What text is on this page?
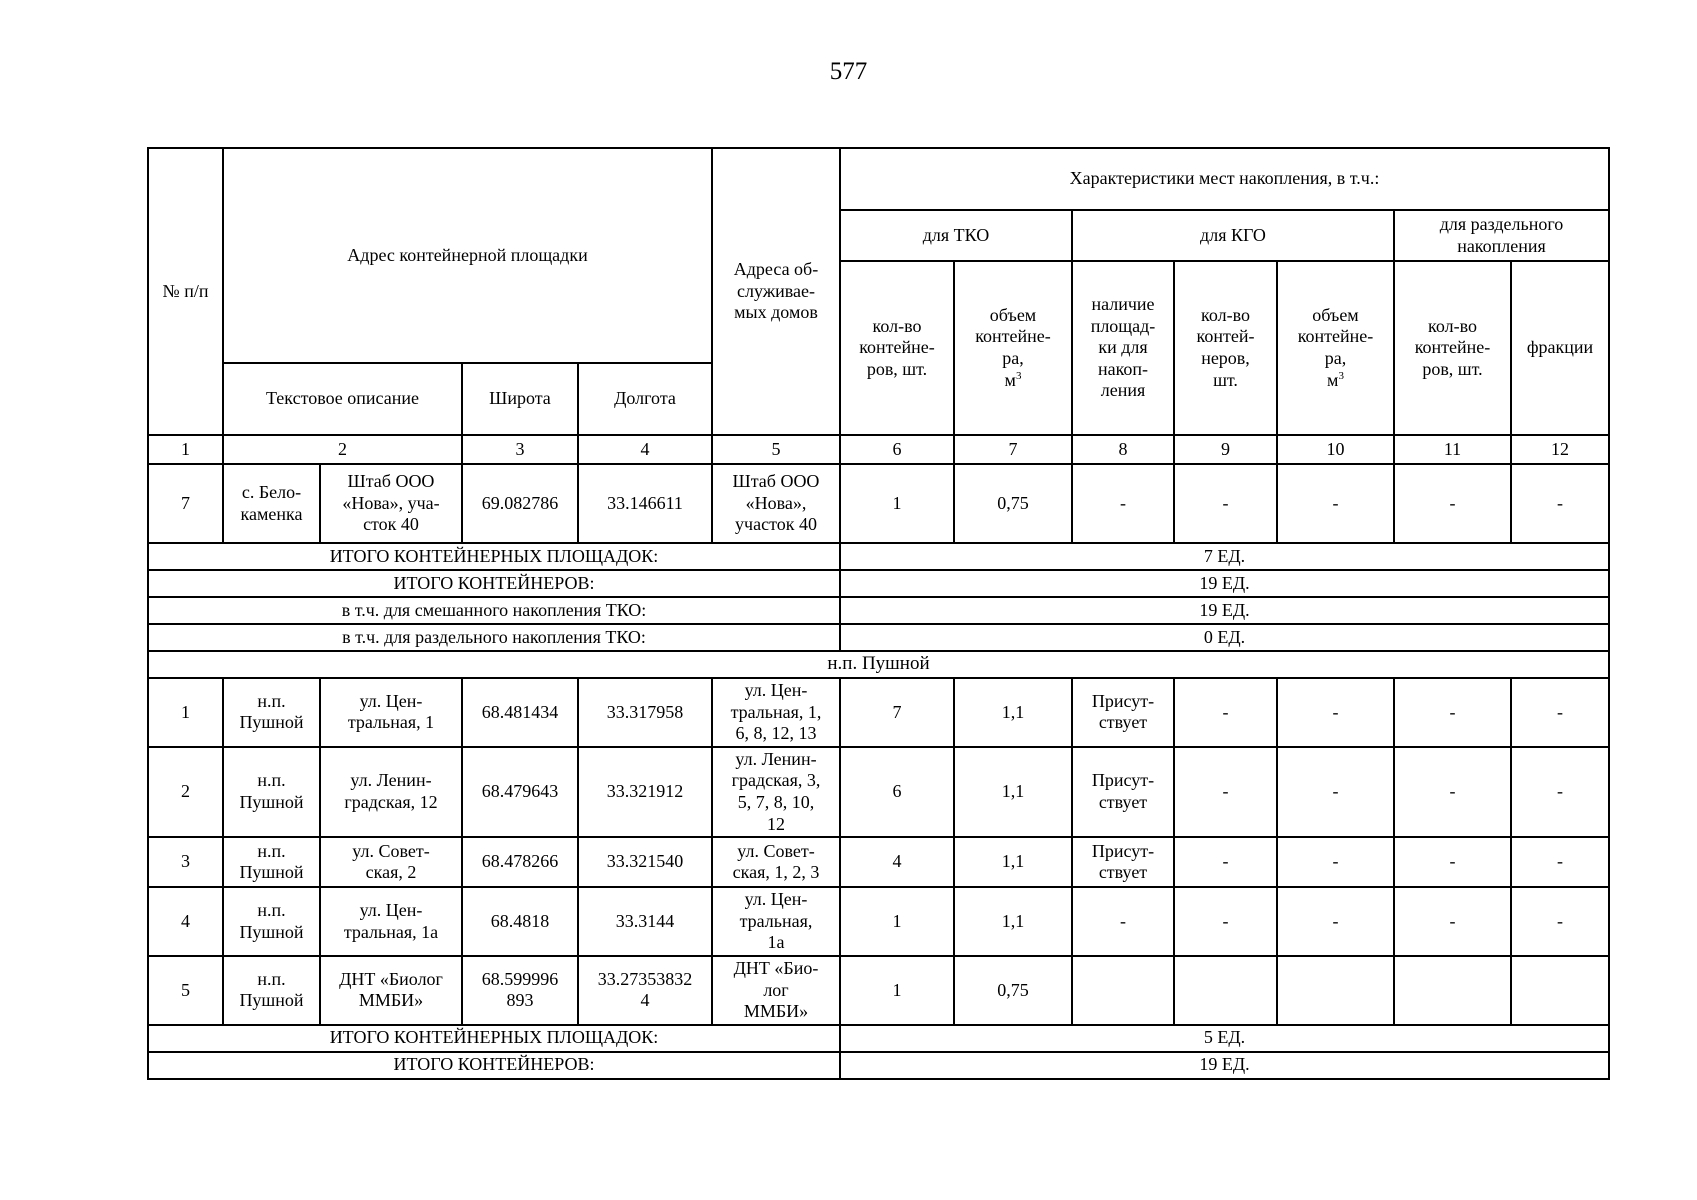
577
№ п/п	Адрес контейнерной площадки				Адреса об-
служивае-
мых домов	Характеристики мест накопления, в т.ч.:						
						для ТКО		для КГО			для раздельного
накопления	

						кол-во
контейне-
ров, шт.	объем
контейне-
ра,
$м^3$	наличие
площад-
ки для
накоп-
ления	кол-во
контей-
неров,
шт.	объем
контейне-
ра,
$м^3$	кол-во
контейне-
ров, шт.	фракции
	Текстовое описание		Широта	Долгота								
1	2		3	4	5	6	7	8	9	10	11	12
7	с. Бело-
каменка	Штаб ООО
«Нова», уча-
сток 40	69.082786	33.146611	Штаб ООО
«Нова»,
участок 40	1	0,75	-	-	-	-	-
ИТОГО КОНТЕЙНЕРНЫХ ПЛОЩАДОК:						7 ЕД.						
ИТОГО КОНТЕЙНЕРОВ:						19 ЕД.						
в т.ч. для смешанного накопления ТКО:						19 ЕД.						
в т.ч. для раздельного накопления ТКО:						0 ЕД.						
н.п. Пушной												
1	н.п.
Пушной	ул. Цен-
тральная, 1	68.481434	33.317958	ул. Цен-
тральная, 1,
6, 8, 12, 13	7	1,1	Присут-
ствует	-	-	-	-
2	н.п.
Пушной	ул. Ленин-
градская, 12	68.479643	33.321912	ул. Ленин-
градская, 3,
5, 7, 8, 10,
12	6	1,1	Присут-
ствует	-	-	-	-
3	н.п.
Пушной	ул. Совет-
ская, 2	68.478266	33.321540	ул. Совет-
ская, 1, 2, 3	4	1,1	Присут-
ствует	-	-	-	-
4	н.п.
Пушной	ул. Цен-
тральная, 1а	68.4818	33.3144	ул. Цен-
тральная,
1а	1	1,1	-	-	-	-	-
5	н.п.
Пушной	ДНТ «Биолог
ММБИ»	68.599996
893	33.27353832
4	ДНТ «Био-
лог
ММБИ»	1	0,75	

ИТОГО КОНТЕЙНЕРНЫХ ПЛОЩАДОК:						5 ЕД.						
ИТОГО КОНТЕЙНЕРОВ:						19 ЕД.						
